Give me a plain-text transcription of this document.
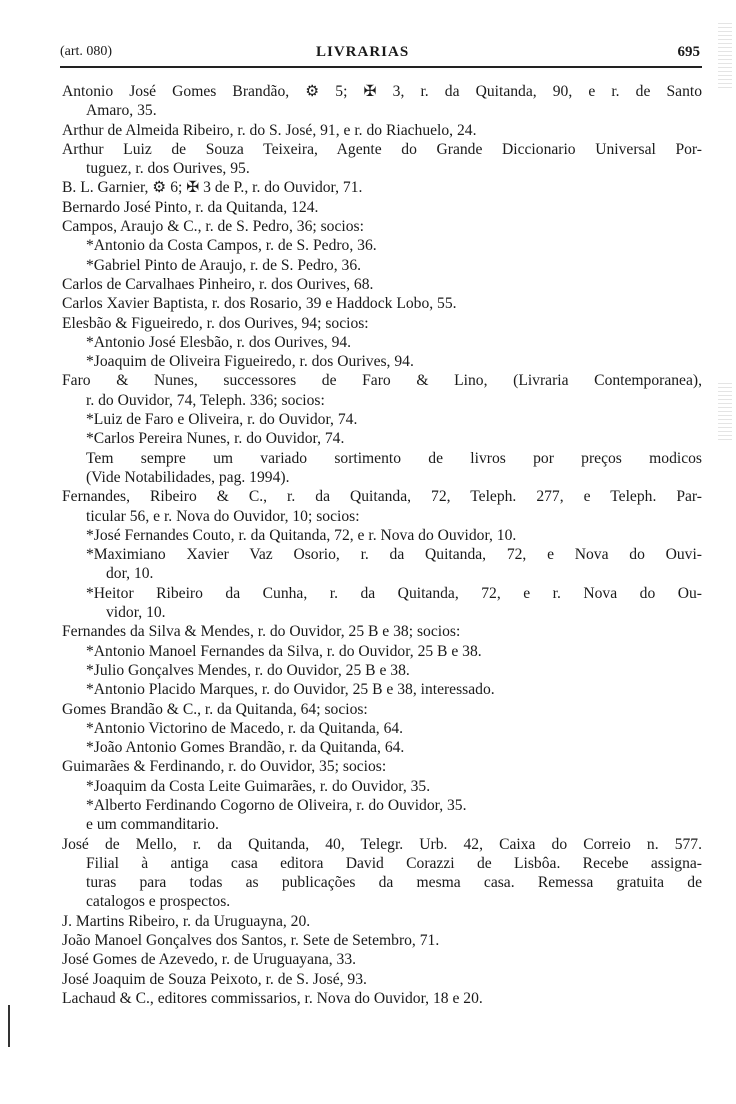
(art. 080)	LIVRARIAS	695
Antonio José Gomes Brandão, ⚙ 5; ✠ 3, r. da Quitanda, 90, e r. de Santo
Amaro, 35.
Arthur de Almeida Ribeiro, r. do S. José, 91, e r. do Riachuelo, 24.
Arthur Luiz de Souza Teixeira, Agente do Grande Diccionario Universal Por-
tuguez, r. dos Ourives, 95.
B. L. Garnier, ⚙ 6; ✠ 3 de P., r. do Ouvidor, 71.
Bernardo José Pinto, r. da Quitanda, 124.
Campos, Araujo & C., r. de S. Pedro, 36; socios:
*Antonio da Costa Campos, r. de S. Pedro, 36.
*Gabriel Pinto de Araujo, r. de S. Pedro, 36.
Carlos de Carvalhaes Pinheiro, r. dos Ourives, 68.
Carlos Xavier Baptista, r. dos Rosario, 39 e Haddock Lobo, 55.
Elesbão & Figueiredo, r. dos Ourives, 94; socios:
*Antonio José Elesbão, r. dos Ourives, 94.
*Joaquim de Oliveira Figueiredo, r. dos Ourives, 94.
Faro & Nunes, successores de Faro & Lino, (Livraria Contemporanea),
r. do Ouvidor, 74, Teleph. 336; socios:
*Luiz de Faro e Oliveira, r. do Ouvidor, 74.
*Carlos Pereira Nunes, r. do Ouvidor, 74.
Tem sempre um variado sortimento de livros por preços modicos
(Vide Notabilidades, pag. 1994).
Fernandes, Ribeiro & C., r. da Quitanda, 72, Teleph. 277, e Teleph. Par-
ticular 56, e r. Nova do Ouvidor, 10; socios:
*José Fernandes Couto, r. da Quitanda, 72, e r. Nova do Ouvidor, 10.
*Maximiano Xavier Vaz Osorio, r. da Quitanda, 72, e Nova do Ouvi-
dor, 10.
*Heitor Ribeiro da Cunha, r. da Quitanda, 72, e r. Nova do Ou-
vidor, 10.
Fernandes da Silva & Mendes, r. do Ouvidor, 25 B e 38; socios:
*Antonio Manoel Fernandes da Silva, r. do Ouvidor, 25 B e 38.
*Julio Gonçalves Mendes, r. do Ouvidor, 25 B e 38.
*Antonio Placido Marques, r. do Ouvidor, 25 B e 38, interessado.
Gomes Brandão & C., r. da Quitanda, 64; socios:
*Antonio Victorino de Macedo, r. da Quitanda, 64.
*João Antonio Gomes Brandão, r. da Quitanda, 64.
Guimarães & Ferdinando, r. do Ouvidor, 35; socios:
*Joaquim da Costa Leite Guimarães, r. do Ouvidor, 35.
*Alberto Ferdinando Cogorno de Oliveira, r. do Ouvidor, 35.
e um commanditario.
José de Mello, r. da Quitanda, 40, Telegr. Urb. 42, Caixa do Correio n. 577.
Filial à antiga casa editora David Corazzi de Lisbôa. Recebe assigna-
turas para todas as publicações da mesma casa. Remessa gratuita de
catalogos e prospectos.
J. Martins Ribeiro, r. da Uruguayna, 20.
João Manoel Gonçalves dos Santos, r. Sete de Setembro, 71.
José Gomes de Azevedo, r. de Uruguayana, 33.
José Joaquim de Souza Peixoto, r. de S. José, 93.
Lachaud & C., editores commissarios, r. Nova do Ouvidor, 18 e 20.
